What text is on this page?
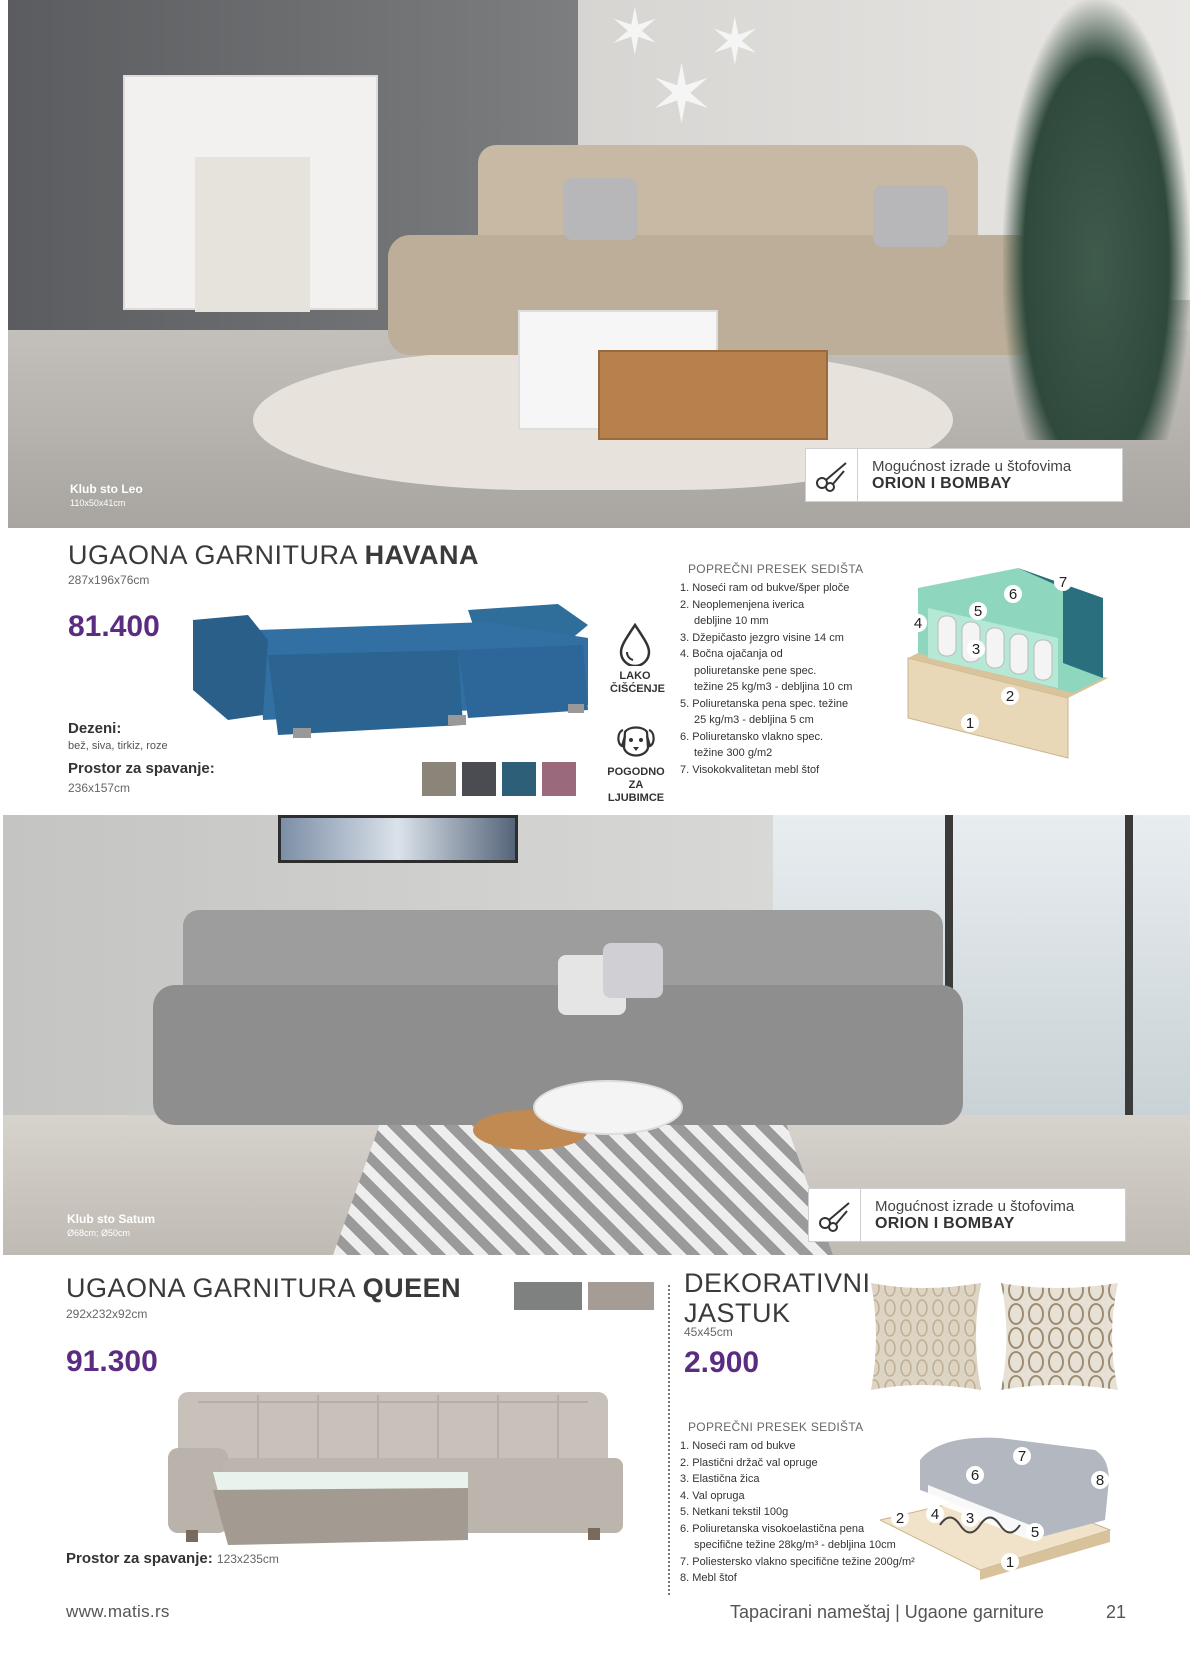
✶ ✶
✶
Klub sto Leo
110x50x41cm
Mogućnost izrade u štofovima
ORION I BOMBAY
UGAONA GARNITURA HAVANA
287x196x76cm
81.400
Dezeni:
bež, siva, tirkiz, roze
Prostor za spavanje:
236x157cm
LAKO
ČIŠĆENJE
POGODNO
ZA LJUBIMCE
POPREČNI PRESEK SEDIŠTA
1. Noseći ram od bukve/šper ploče
2. Neoplemenjena iverica
debljine 10 mm
3. Džepičasto jezgro visine 14 cm
4. Bočna ojačanja od
poliuretanske pene spec.
težine 25 kg/m3 - debljina 10 cm
5. Poliuretanska pena spec. težine
25 kg/m3 - debljina 5 cm
6. Poliuretansko vlakno spec.
težine 300 g/m2
7. Visokokvalitetan mebl štof
1
2
3
4
5
6
7
Klub sto Satum
Ø68cm; Ø50cm
Mogućnost izrade u štofovima
ORION I BOMBAY
UGAONA GARNITURA QUEEN
292x232x92cm
91.300
Prostor za spavanje: 123x235cm
DEKORATIVNI
JASTUK
45x45cm
2.900
POPREČNI PRESEK SEDIŠTA
1. Noseći ram od bukve
2. Plastični držač val opruge
3. Elastična žica
4. Val opruga
5. Netkani tekstil 100g
6. Poliuretanska visokoelastična pena
specifične težine 28kg/m³ - debljina 10cm
7. Poliestersko vlakno specifične težine 200g/m²
8. Mebl štof
1
2	3
4
5
6
7
8
www.matis.rs	Tapacirani nameštaj | Ugaone garniture	21
